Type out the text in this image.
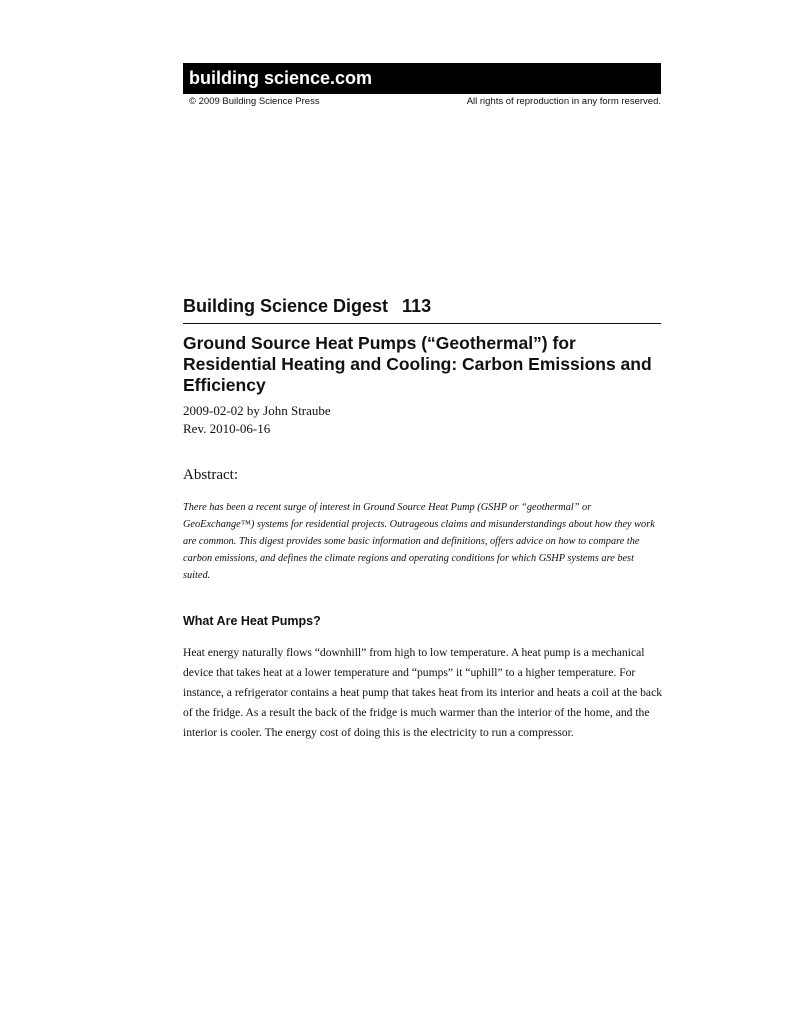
building science.com
© 2009 Building Science Press	All rights of reproduction in any form reserved.
Building Science Digest 113
Ground Source Heat Pumps (“Geothermal”) for Residential Heating and Cooling: Carbon Emissions and Efficiency
2009-02-02 by John Straube
Rev. 2010-06-16
Abstract:
There has been a recent surge of interest in Ground Source Heat Pump (GSHP or “geothermal” or GeoExchange™) systems for residential projects. Outrageous claims and misunderstandings about how they work are common. This digest provides some basic information and definitions, offers advice on how to compare the carbon emissions, and defines the climate regions and operating conditions for which GSHP systems are best suited.
What Are Heat Pumps?

Heat energy naturally flows “downhill” from high to low temperature. A heat pump is a mechanical device that takes heat at a lower temperature and “pumps” it “uphill” to a higher temperature. For instance, a refrigerator contains a heat pump that takes heat from its interior and heats a coil at the back of the fridge. As a result the back of the fridge is much warmer than the interior of the home, and the interior is cooler. The energy cost of doing this is the electricity to run a compressor.
